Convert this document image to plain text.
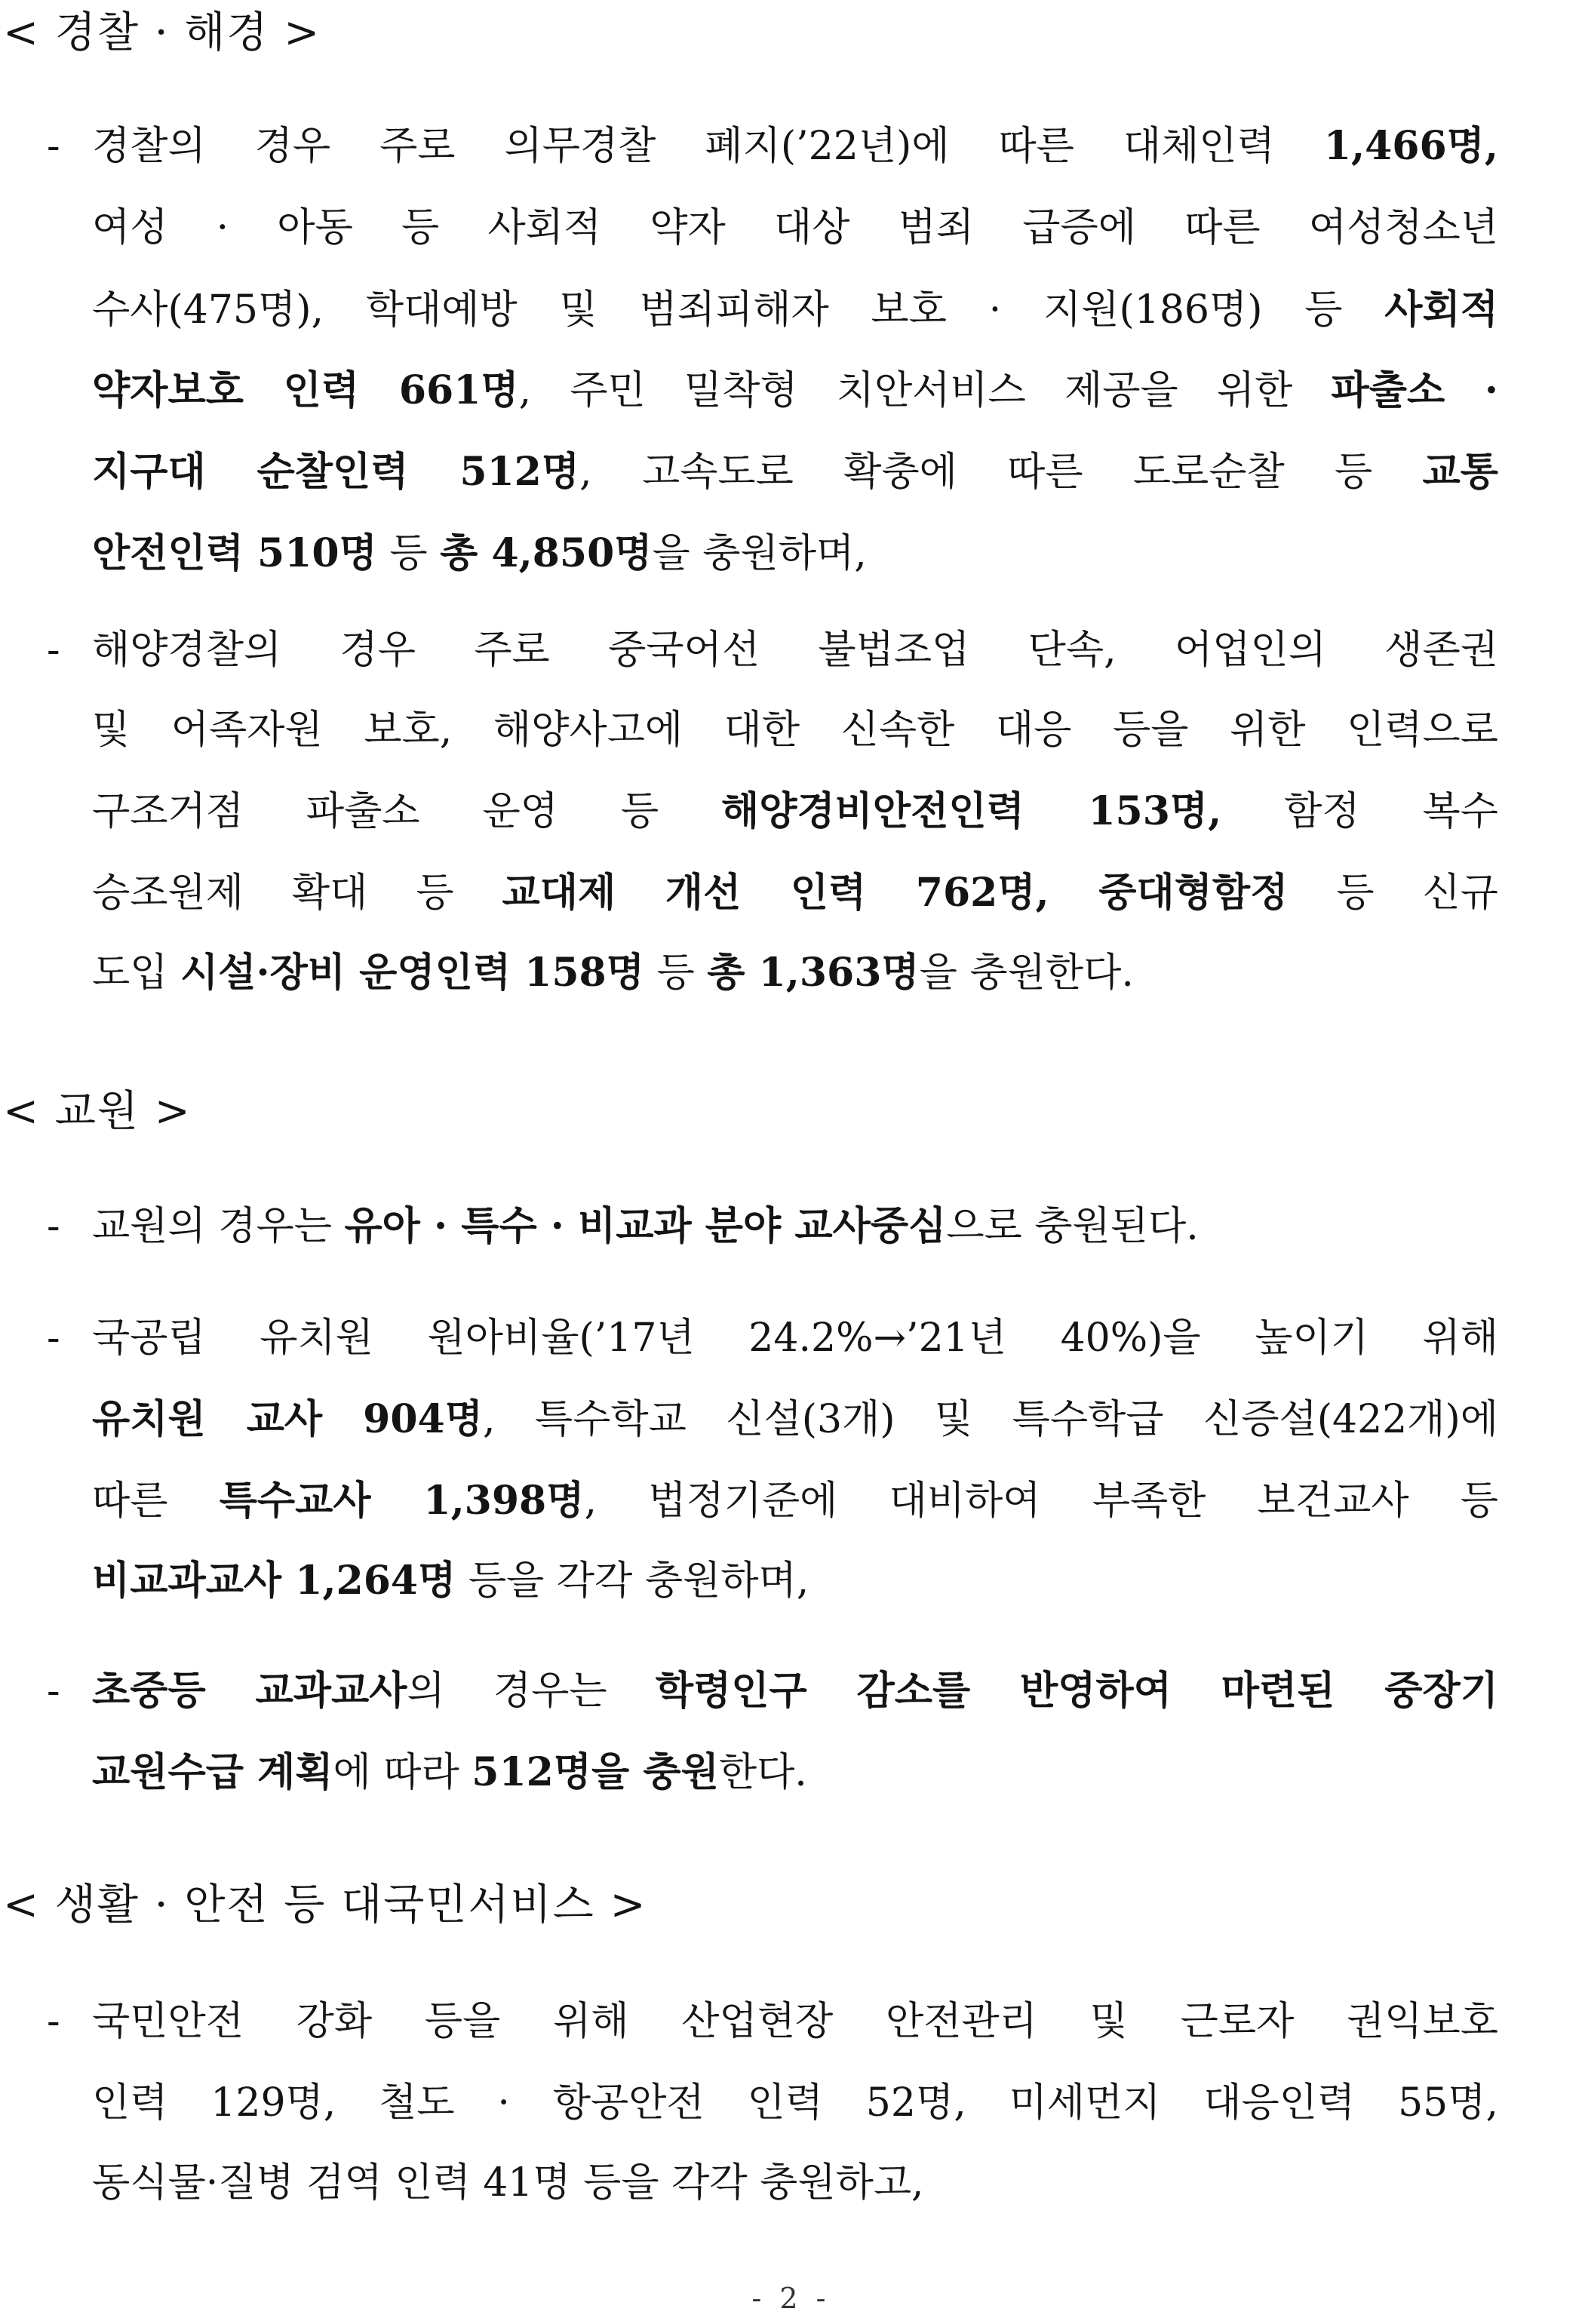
< 경찰 · 해경 >
- 경찰의 경우 주로 의무경찰 폐지(’22년)에 따른 대체인력 1,466명,
여성 · 아동 등 사회적 약자 대상 범죄 급증에 따른 여성청소년
수사(475명), 학대예방 및 범죄피해자 보호 · 지원(186명) 등 사회적
약자보호 인력 661명, 주민 밀착형 치안서비스 제공을 위한 파출소 ·
지구대 순찰인력 512명, 고속도로 확충에 따른 도로순찰 등 교통
안전인력 510명 등 총 4,850명을 충원하며,
- 해양경찰의 경우 주로 중국어선 불법조업 단속, 어업인의 생존권
및 어족자원 보호, 해양사고에 대한 신속한 대응 등을 위한 인력으로
구조거점 파출소 운영 등 해양경비안전인력 153명, 함정 복수
승조원제 확대 등 교대제 개선 인력 762명, 중대형함정 등 신규
도입 시설·장비 운영인력 158명 등 총 1,363명을 충원한다.
< 교원 >
- 교원의 경우는 유아 · 특수 · 비교과 분야 교사중심으로 충원된다.
- 국공립 유치원 원아비율(’17년 24.2%→’21년 40%)을 높이기 위해
유치원 교사 904명, 특수학교 신설(3개) 및 특수학급 신증설(422개)에
따른 특수교사 1,398명, 법정기준에 대비하여 부족한 보건교사 등
비교과교사 1,264명 등을 각각 충원하며,
- 초중등 교과교사의 경우는 학령인구 감소를 반영하여 마련된 중장기
교원수급 계획에 따라 512명을 충원한다.
< 생활 · 안전 등 대국민서비스 >
- 국민안전 강화 등을 위해 산업현장 안전관리 및 근로자 권익보호
인력 129명, 철도 · 항공안전 인력 52명, 미세먼지 대응인력 55명,
동식물·질병 검역 인력 41명 등을 각각 충원하고,
- 2 -
